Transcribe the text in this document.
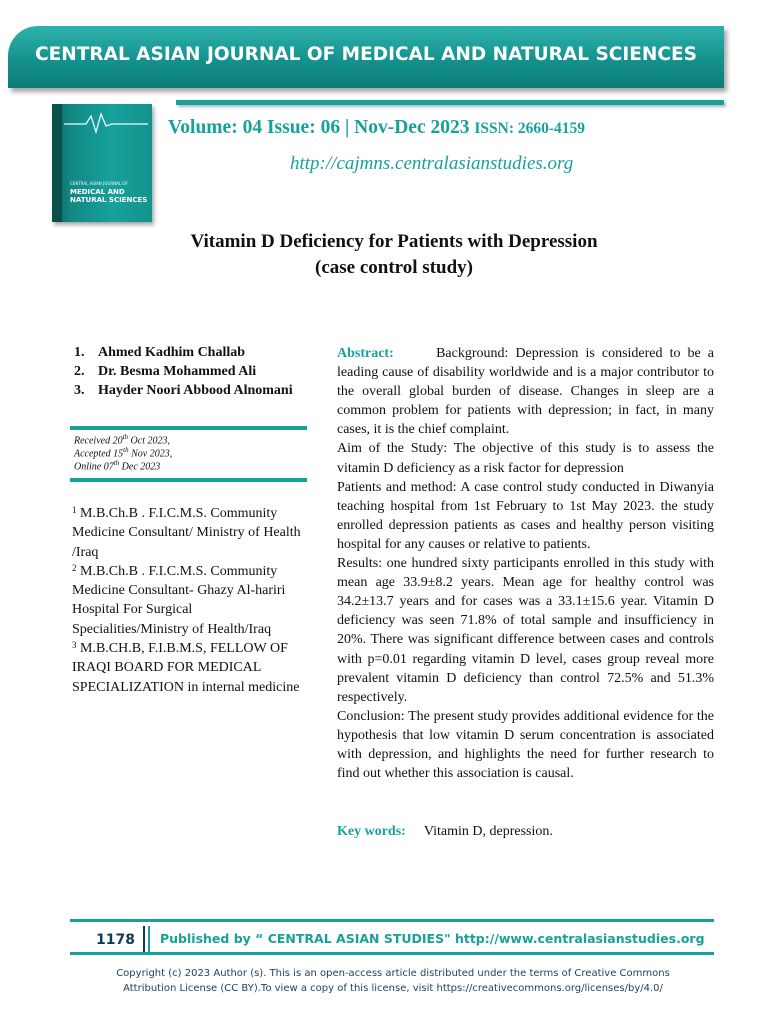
CENTRAL ASIAN JOURNAL OF MEDICAL AND NATURAL SCIENCES
CENTRAL ASIAN JOURNAL OF
MEDICAL AND NATURAL SCIENCES
Volume: 04 Issue: 06 | Nov-Dec 2023 ISSN: 2660-4159
http://cajmns.centralasianstudies.org
Vitamin D Deficiency for Patients with Depression
(case control study)
1. Ahmed Kadhim Challab
2. Dr. Besma Mohammed Ali
3. Hayder Noori Abbood Alnomani
Received 20th Oct 2023,
Accepted 15th Nov 2023,
Online 07th Dec 2023
$^1$ M.B.Ch.B . F.I.C.M.S. Community Medicine Consultant/ Ministry of Health /Iraq
$^2$ M.B.Ch.B . F.I.C.M.S. Community Medicine Consultant- Ghazy Al-hariri Hospital For Surgical Specialities/Ministry of Health/Iraq
$^3$ M.B.CH.B, F.I.B.M.S, FELLOW OF IRAQI BOARD FOR MEDICAL SPECIALIZATION in internal medicine

Abstract:	Background: Depression is considered to be a leading cause of disability worldwide and is a major contributor to the overall global burden of disease. Changes in sleep are a common problem for patients with depression; in fact, in many cases, it is the chief complaint.

Aim of the Study: The objective of this study is to assess the vitamin D deficiency as a risk factor for depression

Patients and method: A case control study conducted in Diwanyia teaching hospital from 1st February to 1st May 2023. the study enrolled depression patients as cases and healthy person visiting hospital for any causes or relative to patients.

Results: one hundred sixty participants enrolled in this study with mean age 33.9±8.2 years. Mean age for healthy control was 34.2±13.7 years and for cases was a 33.1±15.6 year. Vitamin D deficiency was seen 71.8% of total sample and insufficiency in 20%. There was significant difference between cases and controls with p=0.01 regarding vitamin D level, cases group reveal more prevalent vitamin D deficiency than control 72.5% and 51.3% respectively.

Conclusion: The present study provides additional evidence for the hypothesis that low vitamin D serum concentration is associated with depression, and highlights the need for further research to find out whether this association is causal.

Key words: Vitamin D, depression.
1178 Published by “ CENTRAL ASIAN STUDIES" http://www.centralasianstudies.org
Copyright (c) 2023 Author (s). This is an open-access article distributed under the terms of Creative Commons
Attribution License (CC BY).To view a copy of this license, visit https://creativecommons.org/licenses/by/4.0/
